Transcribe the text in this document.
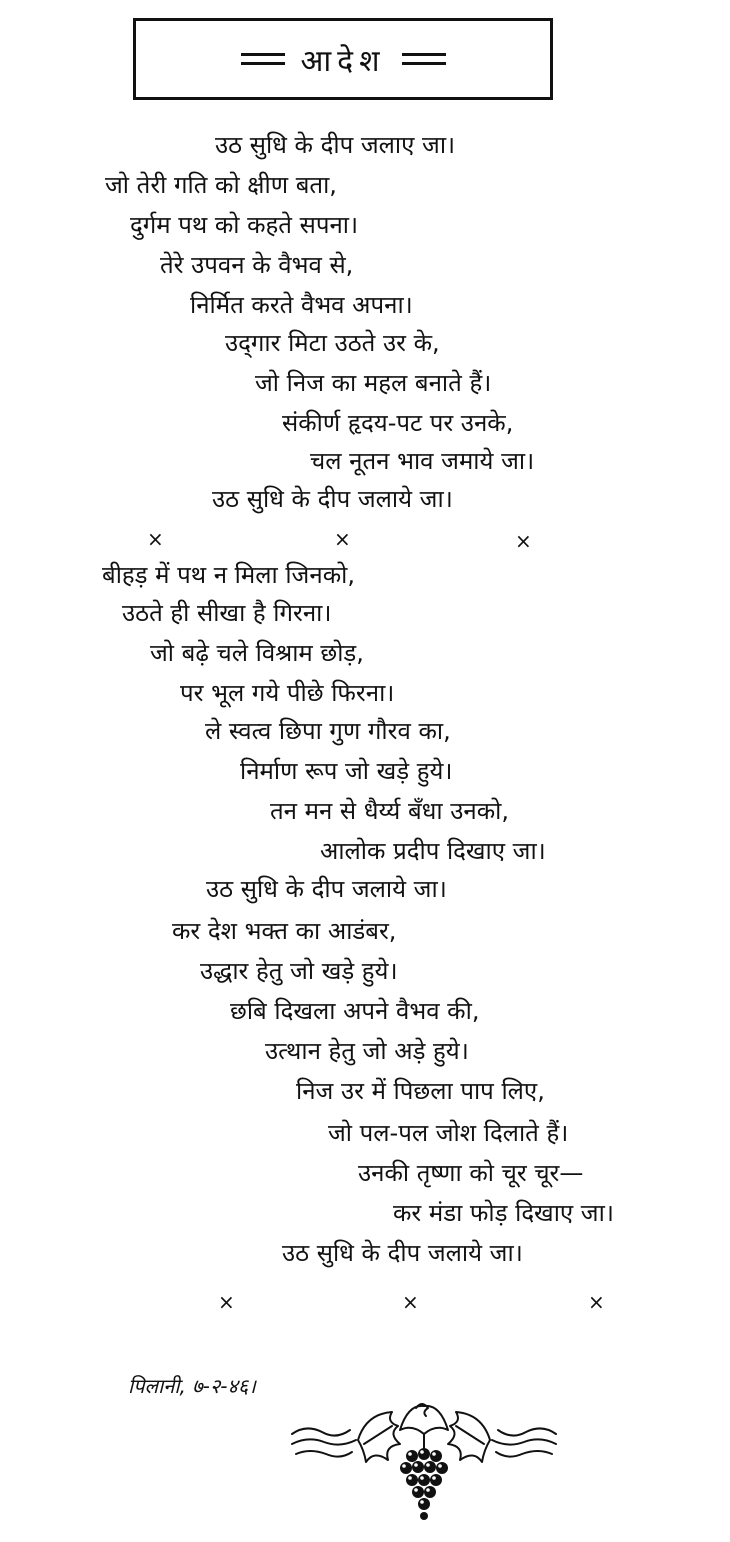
आदेश
उठ सुधि के दीप जलाए जा।
जो तेरी गति को क्षीण बता,
दुर्गम पथ को कहते सपना।
तेरे उपवन के वैभव से,
निर्मित करते वैभव अपना।
उद्‌गार मिटा उठते उर के,
जो निज का महल बनाते हैं।
संकीर्ण हृदय-पट पर उनके,
चल नूतन भाव जमाये जा।
उठ सुधि के दीप जलाये जा।
×	×	×
बीहड़ में पथ न मिला जिनको,
उठते ही सीखा है गिरना।
जो बढ़े चले विश्राम छोड़,
पर भूल गये पीछे फिरना।
ले स्वत्व छिपा गुण गौरव का,
निर्माण रूप जो खड़े हुये।
तन मन से धैर्य्य बँधा उनको,
आलोक प्रदीप दिखाए जा।
उठ सुधि के दीप जलाये जा।
कर देश भक्त का आडंबर,
उद्धार हेतु जो खड़े हुये।
छबि दिखला अपने वैभव की,
उत्थान हेतु जो अड़े हुये।
निज उर में पिछला पाप लिए,
जो पल-पल जोश दिलाते हैं।
उनकी तृष्णा को चूर चूर—
कर मंडा फोड़ दिखाए जा।
उठ सुधि के दीप जलाये जा।
×	×	×
पिलानी, ७-२-४६।
